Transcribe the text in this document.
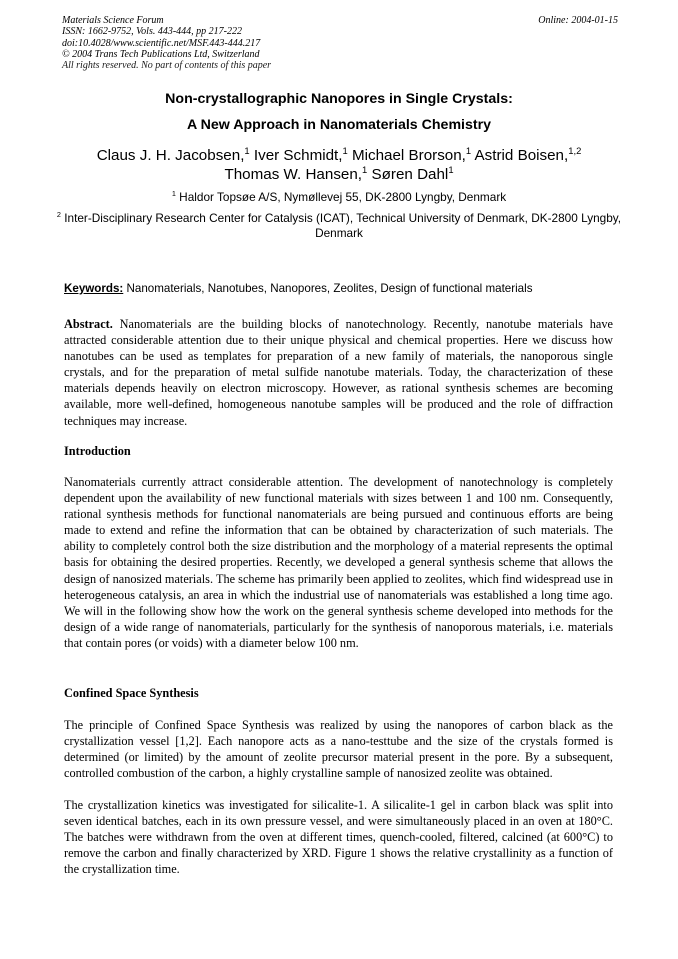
Materials Science Forum	Online: 2004-01-15
ISSN: 1662-9752, Vols. 443-444, pp 217-222
doi:10.4028/www.scientific.net/MSF.443-444.217
© 2004 Trans Tech Publications Ltd, Switzerland
All rights reserved. No part of contents of this paper
Non-crystallographic Nanopores in Single Crystals:
A New Approach in Nanomaterials Chemistry
Claus J. H. Jacobsen,$^1$ Iver Schmidt,$^1$ Michael Brorson,$^1$ Astrid Boisen,$^{1,2}$
Thomas W. Hansen,$^1$ Søren Dahl$^1$
$^1$ Haldor Topsøe A/S, Nymøllevej 55, DK-2800 Lyngby, Denmark
$^2$ Inter-Disciplinary Research Center for Catalysis (ICAT), Technical University of Denmark, DK-2800 Lyngby, Denmark
Keywords: Nanomaterials, Nanotubes, Nanopores, Zeolites, Design of functional materials

Abstract. Nanomaterials are the building blocks of nanotechnology. Recently, nanotube materials have attracted considerable attention due to their unique physical and chemical properties. Here we discuss how nanotubes can be used as templates for preparation of a new family of materials, the nanoporous single crystals, and for the preparation of metal sulfide nanotube materials. Today, the characterization of these materials depends heavily on electron microscopy. However, as rational synthesis schemes are becoming available, more well-defined, homogeneous nanotube samples will be produced and the role of diffraction techniques may increase.

Introduction

Nanomaterials currently attract considerable attention. The development of nanotechnology is completely dependent upon the availability of new functional materials with sizes between 1 and 100 nm. Consequently, rational synthesis methods for functional nanomaterials are being pursued and continuous efforts are being made to extend and refine the information that can be obtained by characterization of such materials. The ability to completely control both the size distribution and the morphology of a material represents the optimal basis for obtaining the desired properties. Recently, we developed a general synthesis scheme that allows the design of nanosized materials. The scheme has primarily been applied to zeolites, which find widespread use in heterogeneous catalysis, an area in which the industrial use of nanomaterials was established a long time ago. We will in the following show how the work on the general synthesis scheme developed into methods for the design of a wide range of nanomaterials, particularly for the synthesis of nanoporous materials, i.e. materials that contain pores (or voids) with a diameter below 100 nm.

Confined Space Synthesis

The principle of Confined Space Synthesis was realized by using the nanopores of carbon black as the crystallization vessel [1,2]. Each nanopore acts as a nano-testtube and the size of the crystals formed is determined (or limited) by the amount of zeolite precursor material present in the pore. By a subsequent, controlled combustion of the carbon, a highly crystalline sample of nanosized zeolite was obtained.

The crystallization kinetics was investigated for silicalite-1. A silicalite-1 gel in carbon black was split into seven identical batches, each in its own pressure vessel, and were simultaneously placed in an oven at 180°C. The batches were withdrawn from the oven at different times, quench-cooled, filtered, calcined (at 600°C) to remove the carbon and finally characterized by XRD. Figure 1 shows the relative crystallinity as a function of the crystallization time.
